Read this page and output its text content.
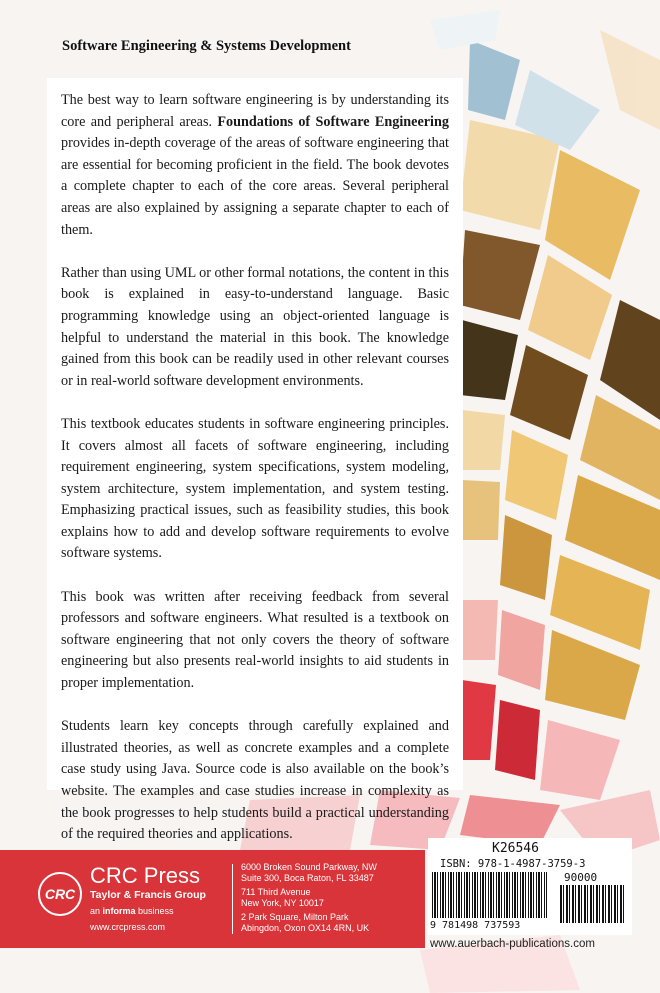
Software Engineering & Systems Development

The best way to learn software engineering is by understanding its core and peripheral areas. Foundations of Software Engineering provides in-depth coverage of the areas of software engineering that are essential for becoming proficient in the field. The book devotes a complete chapter to each of the core areas. Several peripheral areas are also explained by assigning a separate chapter to each of them.

Rather than using UML or other formal notations, the content in this book is explained in easy-to-understand language. Basic programming knowledge using an object-oriented language is helpful to understand the material in this book. The knowledge gained from this book can be readily used in other relevant courses or in real-world software development environments.

This textbook educates students in software engineering principles. It covers almost all facets of software engineering, including requirement engineering, system specifications, system modeling, system architecture, system implementation, and system testing. Emphasizing practical issues, such as feasibility studies, this book explains how to add and develop software requirements to evolve software systems.

This book was written after receiving feedback from several professors and software engineers. What resulted is a textbook on software engineering that not only covers the theory of software engineering but also presents real-world insights to aid students in proper implementation.

Students learn key concepts through carefully explained and illustrated theories, as well as concrete examples and a complete case study using Java. Source code is also available on the book’s website. The examples and case studies increase in complexity as the book progresses to help students build a practical understanding of the required theories and applications.

CRC
CRC Press
Taylor & Francis Group
an informa business
www.crcpress.com
6000 Broken Sound Parkway, NW
Suite 300, Boca Raton, FL 33487
711 Third Avenue
New York, NY 10017
2 Park Square, Milton Park
Abingdon, Oxon OX14 4RN, UK
K26546
ISBN: 978-1-4987-3759-3
90000
9 781498 737593
www.auerbach-publications.com
